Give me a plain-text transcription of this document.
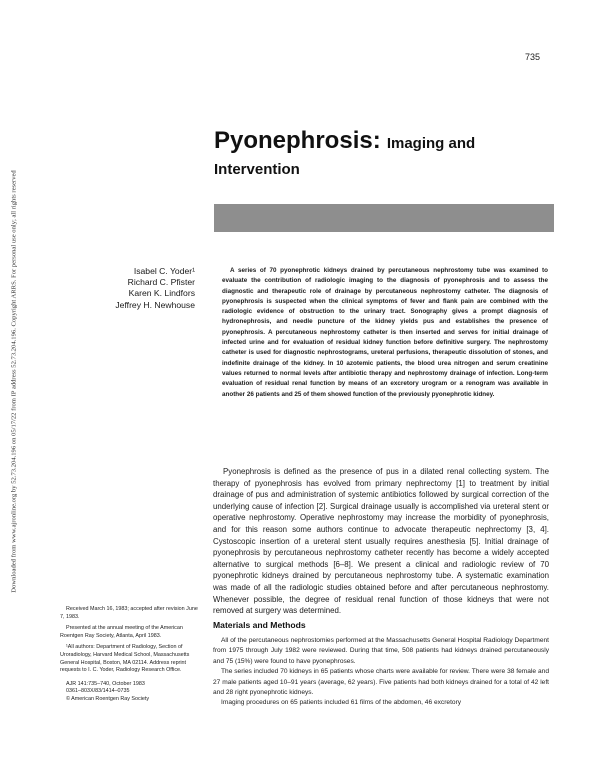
Downloaded from www.ajronline.org by 52.73.204.196 on 05/17/22 from IP address 52.73.204.196. Copyright ARRS. For personal use only; all rights reserved
735
Pyonephrosis: Imaging and
Intervention
Isabel C. Yoder¹
Richard C. Pfister
Karen K. Lindfors
Jeffrey H. Newhouse
A series of 70 pyonephrotic kidneys drained by percutaneous nephrostomy tube was examined to evaluate the contribution of radiologic imaging to the diagnosis of pyonephrosis and to assess the diagnostic and therapeutic role of drainage by percutaneous nephrostomy catheter. The diagnosis of pyonephrosis is suspected when the clinical symptoms of fever and flank pain are combined with the radiologic evidence of obstruction to the urinary tract. Sonography gives a prompt diagnosis of hydronephrosis, and needle puncture of the kidney yields pus and establishes the presence of pyonephrosis. A percutaneous nephrostomy catheter is then inserted and serves for initial drainage of infected urine and for evaluation of residual kidney function before definitive surgery. The nephrostomy catheter is used for diagnostic nephrostograms, ureteral perfusions, therapeutic dissolution of stones, and indefinite drainage of the kidney. In 10 azotemic patients, the blood urea nitrogen and serum creatinine values returned to normal levels after antibiotic therapy and nephrostomy drainage of infection. Long-term evaluation of residual renal function by means of an excretory urogram or a renogram was available in another 26 patients and 25 of them showed function of the previously pyonephrotic kidney.

Pyonephrosis is defined as the presence of pus in a dilated renal collecting system. The therapy of pyonephrosis has evolved from primary nephrectomy [1] to treatment by initial drainage of pus and administration of systemic antibiotics followed by surgical correction of the underlying cause of infection [2]. Surgical drainage usually is accomplished via ureteral stent or operative nephrostomy. Operative nephrostomy may increase the morbidity of pyonephrosis, and for this reason some authors continue to advocate therapeutic nephrectomy [3, 4]. Cystoscopic insertion of a ureteral stent usually requires anesthesia [5]. Initial drainage of pyonephrosis by percutaneous nephrostomy catheter recently has become a widely accepted alternative to surgical methods [6–8]. We present a clinical and radiologic review of 70 pyonephrotic kidneys drained by percutaneous nephrostomy tube. A systematic examination was made of all the radiologic studies obtained before and after percutaneous nephrostomy. Whenever possible, the degree of residual renal function of those kidneys that were not removed at surgery was determined.

Materials and Methods

All of the percutaneous nephrostomies performed at the Massachusetts General Hospital Radiology Department from 1975 through July 1982 were reviewed. During that time, 508 patients had kidneys drained percutaneously and 75 (15%) were found to have pyonephroses.

The series included 70 kidneys in 65 patients whose charts were available for review. There were 38 female and 27 male patients aged 10–91 years (average, 62 years). Five patients had both kidneys drained for a total of 42 left and 28 right pyonephrotic kidneys.

Imaging procedures on 65 patients included 61 films of the abdomen, 46 excretory

Received March 16, 1983; accepted after revision June 7, 1983.

Presented at the annual meeting of the American Roentgen Ray Society, Atlanta, April 1983.

¹All authors: Department of Radiology, Section of Uroradiology, Harvard Medical School, Massachusetts General Hospital, Boston, MA 02114. Address reprint requests to I. C. Yoder, Radiology Research Office.

AJR 141:735–740, October 1983
0361–803X/83/1414–0735
© American Roentgen Ray Society
